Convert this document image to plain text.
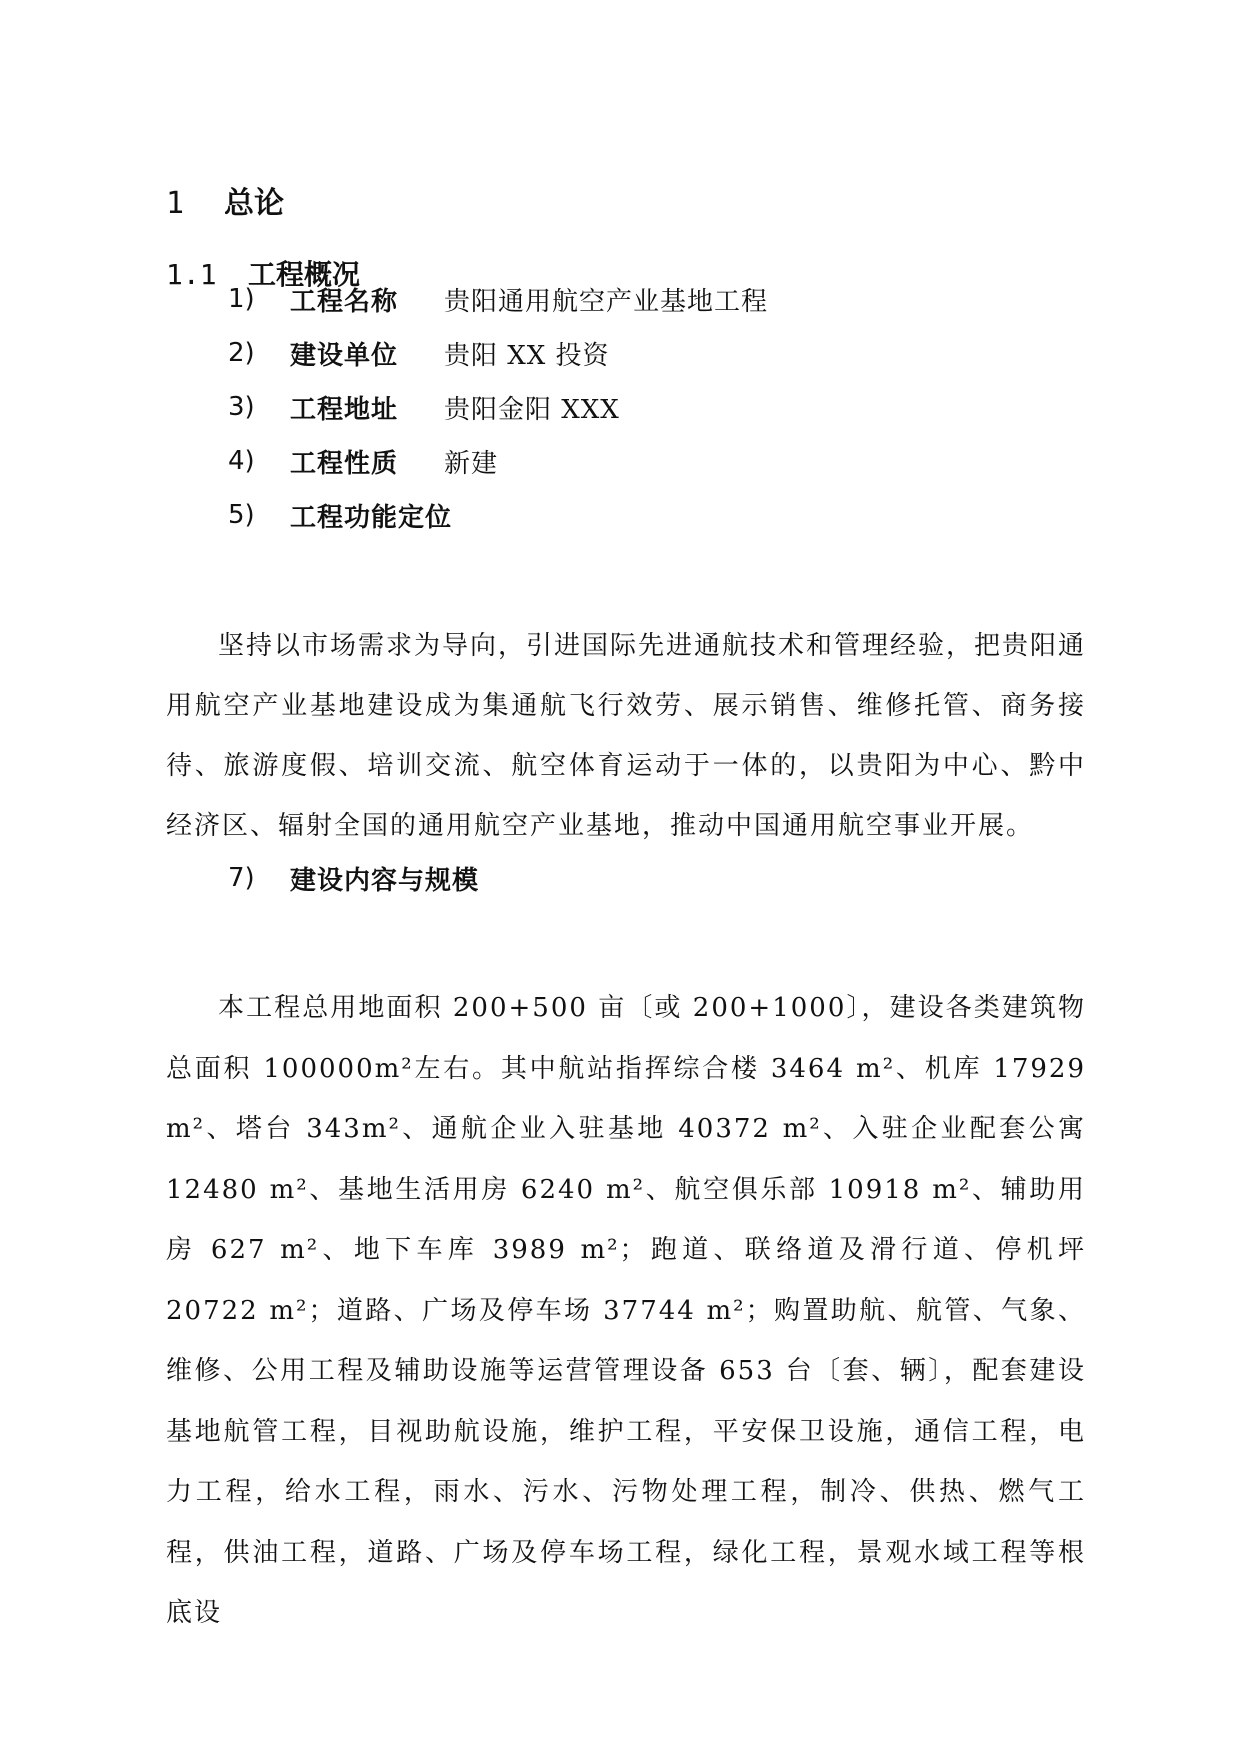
1 总论
1.1 工程概况
1)	工程名称	贵阳通用航空产业基地工程
2)	建设单位	贵阳 XX 投资
3)	工程地址	贵阳金阳 XXX
4)	工程性质	新建
5)	工程功能定位

坚持以市场需求为导向，引进国际先进通航技术和管理经验，把贵阳通用航空产业基地建设成为集通航飞行效劳、展示销售、维修托管、商务接待、旅游度假、培训交流、航空体育运动于一体的，以贵阳为中心、黔中经济区、辐射全国的通用航空产业基地，推动中国通用航空事业开展。

7)	建设内容与规模

本工程总用地面积 200+500 亩〔或 200+1000〕，建设各类建筑物总面积 100000m²左右。其中航站指挥综合楼 3464 m²、机库 17929 m²、塔台 343m²、通航企业入驻基地 40372 m²、入驻企业配套公寓 12480 m²、基地生活用房 6240 m²、航空俱乐部 10918 m²、辅助用房 627 m²、地下车库 3989 m²；跑道、联络道及滑行道、停机坪 20722 m²；道路、广场及停车场 37744 m²；购置助航、航管、气象、维修、公用工程及辅助设施等运营管理设备 653 台〔套、辆〕，配套建设基地航管工程，目视助航设施，维护工程，平安保卫设施，通信工程，电力工程，给水工程，雨水、污水、污物处理工程，制冷、供热、燃气工程，供油工程，道路、广场及停车场工程，绿化工程，景观水域工程等根底设
